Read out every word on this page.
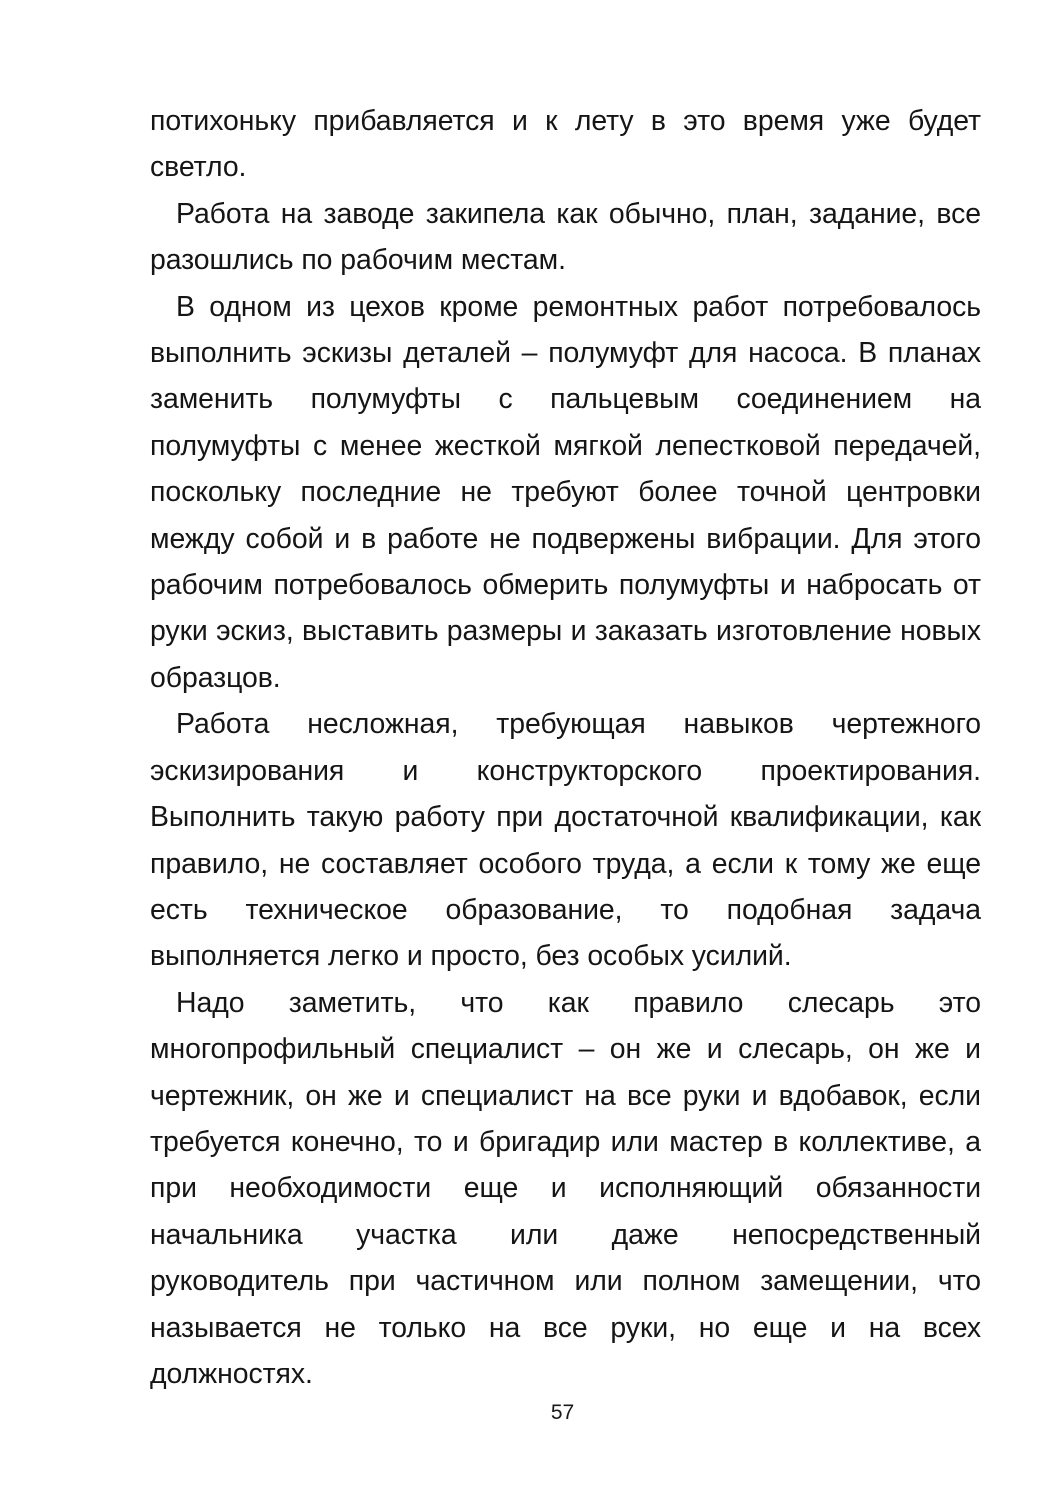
потихоньку прибавляется и к лету в это время уже будет светло.

Работа на заводе закипела как обычно, план, задание, все разошлись по рабочим местам.

В одном из цехов кроме ремонтных работ потребовалось выполнить эскизы деталей – полумуфт для насоса. В планах заменить полумуфты с пальцевым соединением на полумуфты с менее жесткой мягкой лепестковой передачей, поскольку последние не требуют более точной центровки между собой и в работе не подвержены вибрации. Для этого рабочим потребовалось обмерить полумуфты и набросать от руки эскиз, выставить размеры и заказать изготовление новых образцов.

Работа несложная, требующая навыков чертежного эскизирования и конструкторского проектирования. Выполнить такую работу при достаточной квалификации, как правило, не составляет особого труда, а если к тому же еще есть техническое образование, то подобная задача выполняется легко и просто, без особых усилий.

Надо заметить, что как правило слесарь это многопрофильный специалист – он же и слесарь, он же и чертежник, он же и специалист на все руки и вдобавок, если требуется конечно, то и бригадир или мастер в коллективе, а при необходимости еще и исполняющий обязанности начальника участка или даже непосредственный руководитель при частичном или полном замещении, что называется не только на все руки, но еще и на всех должностях.

57
